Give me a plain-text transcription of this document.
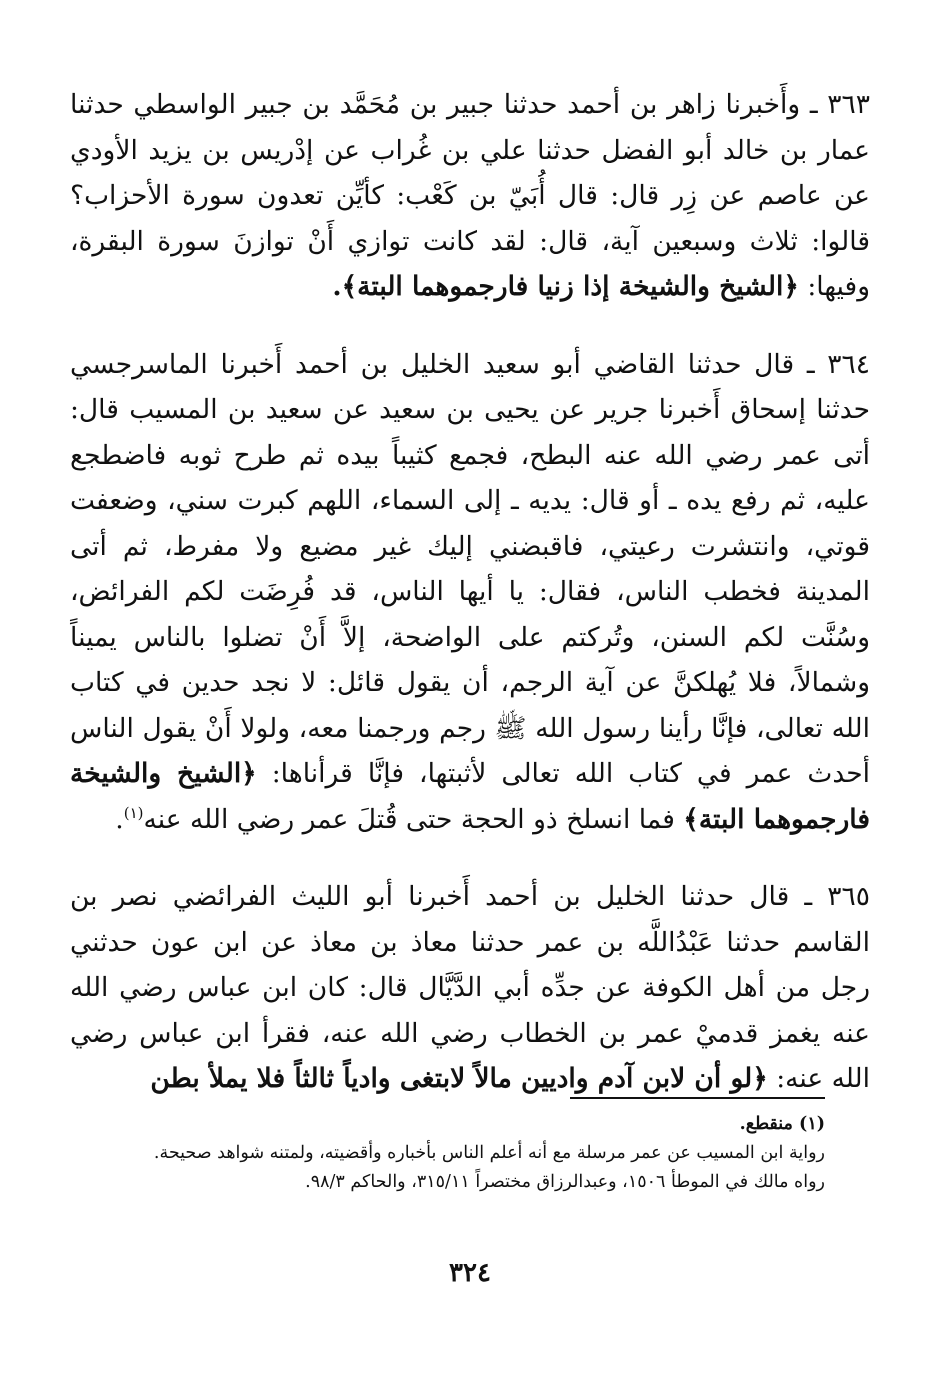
٣٦٣ ـ وأَخبرنا زاهر بن أحمد حدثنا جبير بن مُحَمَّد بن جبير الواسطي حدثنا عمار بن خالد أبو الفضل حدثنا علي بن غُراب عن إدْريس بن يزيد الأودي عن عاصم عن زِر قال: قال أُبَيّ بن كَعْب: كأيِّن تعدون سورة الأحزاب؟ قالوا: ثلاث وسبعين آية، قال: لقد كانت توازي أَنْ توازنَ سورة البقرة، وفيها: ﴿الشيخ والشيخة إذا زنيا فارجموهما البتة﴾.

٣٦٤ ـ قال حدثنا القاضي أبو سعيد الخليل بن أحمد أَخبرنا الماسرجسي حدثنا إسحاق أَخبرنا جرير عن يحيى بن سعيد عن سعيد بن المسيب قال: أتى عمر رضي الله عنه البطح، فجمع كثيباً بيده ثم طرح ثوبه فاضطجع عليه، ثم رفع يده ـ أو قال: يديه ـ إلى السماء، اللهم كبرت سني، وضعفت قوتي، وانتشرت رعيتي، فاقبضني إليك غير مضيع ولا مفرط، ثم أتى المدينة فخطب الناس، فقال: يا أيها الناس، قد فُرِضَت لكم الفرائض، وسُنَّت لكم السنن، وتُركتم على الواضحة، إلاَّ أَنْ تضلوا بالناس يميناً وشمالاً، فلا يُهلكنَّ عن آية الرجم، أن يقول قائل: لا نجد حدين في كتاب الله تعالى، فإنَّا رأينا رسول الله ﷺ رجم ورجمنا معه، ولولا أَنْ يقول الناس أحدث عمر في كتاب الله تعالى لأثبتها، فإنَّا قرأناها: ﴿الشيخ والشيخة فارجموهما البتة﴾ فما انسلخ ذو الحجة حتى قُتلَ عمر رضي الله عنه$^{(١)}$.

٣٦٥ ـ قال حدثنا الخليل بن أحمد أَخبرنا أبو الليث الفرائضي نصر بن القاسم حدثنا عَبْدُاللَّه بن عمر حدثنا معاذ بن معاذ عن ابن عون حدثني رجل من أهل الكوفة عن جدِّه أبي الدَّيَّال قال: كان ابن عباس رضي الله عنه يغمز قدميْ عمر بن الخطاب رضي الله عنه، فقرأ ابن عباس رضي الله عنه: ﴿لو أن لابن آدم واديين مالاً لابتغى وادياً ثالثاً فلا يملأ بطن

(١) منقطع.

رواية ابن المسيب عن عمر مرسلة مع أنه أعلم الناس بأخباره وأقضيته، ولمتنه شواهد صحيحة.

رواه مالك في الموطأ ١٥٠٦، وعبدالرزاق مختصراً ٣١٥/١١، والحاكم ٩٨/٣.

٣٢٤
